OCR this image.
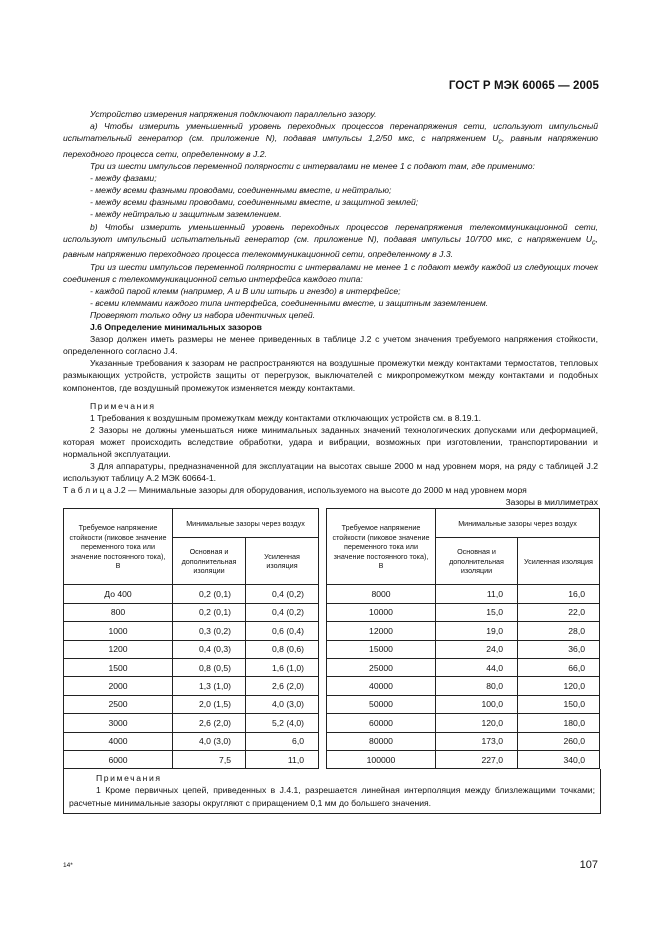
ГОСТ Р МЭК 60065 — 2005

Устройство измерения напряжения подключают параллельно зазору.

а) Чтобы измерить уменьшенный уровень переходных процессов перенапряжения сети, используют импульсный испытательный генератор (см. приложение N), подавая импульсы 1,2/50 мкс, с напряжением $U_с$, равным напряжению переходного процесса сети, определенному в J.2.

Три из шести импульсов переменной полярности с интервалами не менее 1 с подают там, где применимо:

- между фазами;

- между всеми фазными проводами, соединенными вместе, и нейтралью;

- между всеми фазными проводами, соединенными вместе, и защитной землей;

- между нейтралью и защитным заземлением.

b) Чтобы измерить уменьшенный уровень переходных процессов перенапряжения телекоммуникационной сети, используют импульсный испытательный генератор (см. приложение N), подавая импульсы 10/700 мкс, с напряжением $U_с$, равным напряжению переходного процесса телекоммуникационной сети, определенному в J.3.

Три из шести импульсов переменной полярности с интервалами не менее 1 с подают между каждой из следующих точек соединения с телекоммуникационной сетью интерфейса каждого типа:

- каждой парой клемм (например, A и B или штырь и гнездо) в интерфейсе;

- всеми клеммами каждого типа интерфейса, соединенными вместе, и защитным заземлением.

Проверяют только одну из набора идентичных цепей.

J.6 Определение минимальных зазоров

Зазор должен иметь размеры не менее приведенных в таблице J.2 с учетом значения требуемого напряжения стойкости, определенного согласно J.4.

Указанные требования к зазорам не распространяются на воздушные промежутки между контактами термостатов, тепловых размыкающих устройств, устройств защиты от перегрузок, выключателей с микропромежутком между контактами и подобных компонентов, где воздушный промежуток изменяется между контактами.

Примечания

1 Требования к воздушным промежуткам между контактами отключающих устройств см. в 8.19.1.

2 Зазоры не должны уменьшаться ниже минимальных заданных значений технологических допусками или деформацией, которая может происходить вследствие обработки, удара и вибрации, возможных при изготовлении, транспортировании и нормальной эксплуатации.

3 Для аппаратуры, предназначенной для эксплуатации на высотах свыше 2000 м над уровнем моря, на ряду с таблицей J.2 используют таблицу A.2 МЭК 60664-1.

Т а б л и ц а J.2 — Минимальные зазоры для оборудования, используемого на высоте до 2000 м над уровнем моря

Зазоры в миллиметрах

Требуемое напряжение стойкости (пиковое значение переменного тока или значение постоянного тока), В	Минимальные зазоры через воздух			Требуемое напряжение стойкости (пиковое значение переменного тока или значение постоянного тока), В	Минимальные зазоры через воздух	
	Основная и дополнительная изоляции	Усиленная изоляция			Основная и дополнительная изоляции	Усиленная изоляция
До 400	0,2 (0,1)	0,4 (0,2)		8000	11,0	16,0
800	0,2 (0,1)	0,4 (0,2)		10000	15,0	22,0
1000	0,3 (0,2)	0,6 (0,4)		12000	19,0	28,0
1200	0,4 (0,3)	0,8 (0,6)		15000	24,0	36,0
1500	0,8 (0,5)	1,6 (1,0)		25000	44,0	66,0
2000	1,3 (1,0)	2,6 (2,0)		40000	80,0	120,0
2500	2,0 (1,5)	4,0 (3,0)		50000	100,0	150,0
3000	2,6 (2,0)	5,2 (4,0)		60000	120,0	180,0
4000	4,0 (3,0)	6,0		80000	173,0	260,0
6000	7,5	11,0		100000	227,0	340,0

Примечания

1 Кроме первичных цепей, приведенных в J.4.1, разрешается линейная интерполяция между близлежащими точками; расчетные минимальные зазоры округляют с приращением 0,1 мм до большего значения.

14*	107
